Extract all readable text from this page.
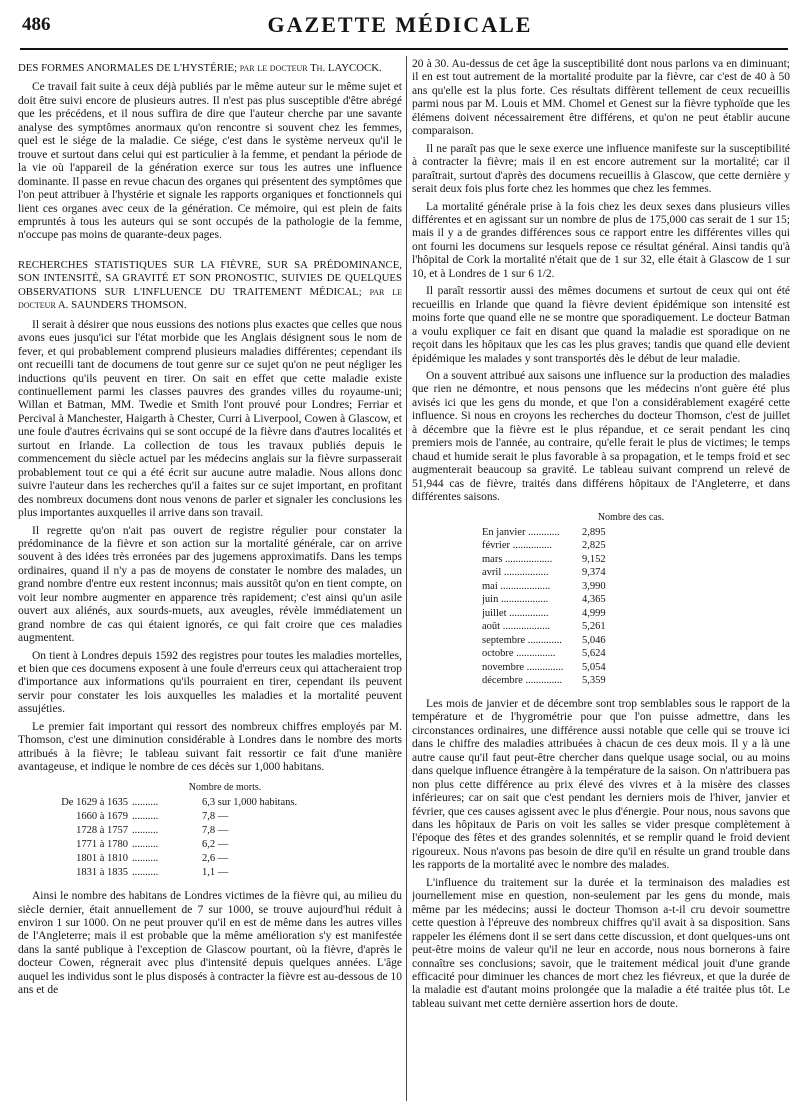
486	GAZETTE MÉDICALE

DES FORMES ANORMALES DE L'HYSTÉRIE; par le docteur Th. LAYCOCK.

Ce travail fait suite à ceux déjà publiés par le même auteur sur le même sujet et doit être suivi encore de plusieurs autres. Il n'est pas plus susceptible d'être abrégé que les précédens, et il nous suffira de dire que l'auteur cherche par une savante analyse des symptômes anormaux qu'on rencontre si souvent chez les femmes, quel est le siége de la maladie. Ce siége, c'est dans le système nerveux qu'il le trouve et surtout dans celui qui est particulier à la femme, et pendant la période de la vie où l'appareil de la génération exerce sur tous les autres une influence dominante. Il passe en revue chacun des organes qui présentent des symptômes que l'on peut attribuer à l'hystérie et signale les rapports organiques et fonctionnels qui lient ces organes avec ceux de la génération. Ce mémoire, qui est plein de faits empruntés à tous les auteurs qui se sont occupés de la pathologie de la femme, n'occupe pas moins de quarante-deux pages.

RECHERCHES STATISTIQUES SUR LA FIÈVRE, SUR SA PRÉDOMINANCE, SON INTENSITÉ, SA GRAVITÉ ET SON PRONOSTIC, SUIVIES DE QUELQUES OBSERVATIONS SUR L'INFLUENCE DU TRAITEMENT MÉDICAL; par le docteur A. SAUNDERS THOMSON.

Il serait à désirer que nous eussions des notions plus exactes que celles que nous avons eues jusqu'ici sur l'état morbide que les Anglais désignent sous le nom de fever, et qui probablement comprend plusieurs maladies différentes; cependant ils ont recueilli tant de documens de tout genre sur ce sujet qu'on ne peut négliger les inductions qu'ils peuvent en tirer. On sait en effet que cette maladie existe continuellement parmi les classes pauvres des grandes villes du royaume-uni; Willan et Batman, MM. Twedie et Smith l'ont prouvé pour Londres; Ferriar et Percival à Manchester, Haigarth à Chester, Curri à Liverpool, Cowen à Glascow, et une foule d'autres écrivains qui se sont occupé de la fièvre dans d'autres localités et surtout en Irlande. La collection de tous les travaux publiés depuis le commencement du siècle actuel par les médecins anglais sur la fièvre surpasserait probablement tout ce qui a été écrit sur aucune autre maladie. Nous allons donc suivre l'auteur dans les recherches qu'il a faites sur ce sujet important, en profitant des nombreux documens dont nous venons de parler et signaler les conclusions les plus importantes auxquelles il arrive dans son travail.

Il regrette qu'on n'ait pas ouvert de registre régulier pour constater la prédominance de la fièvre et son action sur la mortalité générale, car on arrive souvent à des idées très erronées par des jugemens approximatifs. Dans les temps ordinaires, quand il n'y a pas de moyens de constater le nombre des malades, un grand nombre d'entre eux restent inconnus; mais aussitôt qu'on en tient compte, on voit leur nombre augmenter en apparence très rapidement; c'est ainsi qu'un asile ouvert aux aliénés, aux sourds-muets, aux aveugles, révèle immédiatement un grand nombre de cas qui étaient ignorés, ce qui fait croire que ces maladies augmentent.

On tient à Londres depuis 1592 des registres pour toutes les maladies mortelles, et bien que ces documens exposent à une foule d'erreurs ceux qui attacheraient trop d'importance aux informations qu'ils pourraient en tirer, cependant ils peuvent servir pour constater les lois auxquelles les maladies et la mortalité peuvent assujéties.

Le premier fait important qui ressort des nombreux chiffres employés par M. Thomson, c'est une diminution considérable à Londres dans le nombre des morts attribués à la fièvre; le tableau suivant fait ressortir ce fait d'une manière avantageuse, et indique le nombre de ces décès sur 1,000 habitans.

Nombre de morts.
De 1629 à 1635 ..........	6,3 sur 1,000 habitans.
1660 à 1679 ..........	7,8 —
1728 à 1757 ..........	7,8 —
1771 à 1780 ..........	6,2 —
1801 à 1810 ..........	2,6 —
1831 à 1835 ..........	1,1 —

Ainsi le nombre des habitans de Londres victimes de la fièvre qui, au milieu du siècle dernier, était annuellement de 7 sur 1000, se trouve aujourd'hui réduit à environ 1 sur 1000. On ne peut prouver qu'il en est de même dans les autres villes de l'Angleterre; mais il est probable que la même amélioration s'y est manifestée dans la santé publique à l'exception de Glascow pourtant, où la fièvre, d'après le docteur Cowen, régnerait avec plus d'intensité depuis quelques années. L'âge auquel les individus sont le plus disposés à contracter la fièvre est au-dessous de 10 ans et de

20 à 30. Au-dessus de cet âge la susceptibilité dont nous parlons va en diminuant; il en est tout autrement de la mortalité produite par la fièvre, car c'est de 40 à 50 ans qu'elle est la plus forte. Ces résultats diffèrent tellement de ceux recueillis parmi nous par M. Louis et MM. Chomel et Genest sur la fièvre typhoïde que les élémens doivent nécessairement être différens, et qu'on ne peut établir aucune comparaison.

Il ne paraît pas que le sexe exerce une influence manifeste sur la susceptibilité à contracter la fièvre; mais il en est encore autrement sur la mortalité; car il paraîtrait, surtout d'après des documens recueillis à Glascow, que cette dernière y serait deux fois plus forte chez les hommes que chez les femmes.

La mortalité générale prise à la fois chez les deux sexes dans plusieurs villes différentes et en agissant sur un nombre de plus de 175,000 cas serait de 1 sur 15; mais il y a de grandes différences sous ce rapport entre les différentes villes qui ont fourni les documens sur lesquels repose ce résultat général. Ainsi tandis qu'à l'hôpital de Cork la mortalité n'était que de 1 sur 32, elle était à Glascow de 1 sur 10, et à Londres de 1 sur 6 1/2.

Il paraît ressortir aussi des mêmes documens et surtout de ceux qui ont été recueillis en Irlande que quand la fièvre devient épidémique son intensité est moins forte que quand elle ne se montre que sporadiquement. Le docteur Batman a voulu expliquer ce fait en disant que quand la maladie est sporadique on ne reçoit dans les hôpitaux que les cas les plus graves; tandis que quand elle devient épidémique les malades y sont transportés dès le début de leur maladie.

On a souvent attribué aux saisons une influence sur la production des maladies que rien ne démontre, et nous pensons que les médecins n'ont guère été plus avisés ici que les gens du monde, et que l'on a considérablement exagéré cette influence. Si nous en croyons les recherches du docteur Thomson, c'est de juillet à décembre que la fièvre est le plus répandue, et ce serait pendant les cinq premiers mois de l'année, au contraire, qu'elle ferait le plus de victimes; le temps chaud et humide serait le plus favorable à sa propagation, et le temps froid et sec augmenterait beaucoup sa gravité. Le tableau suivant comprend un relevé de 51,944 cas de fièvre, traités dans différens hôpitaux de l'Angleterre, et dans différentes saisons.

Nombre des cas.
En janvier ............	2,895
février ...............	2,825
mars ..................	9,152
avril .................	9,374
mai ...................	3,990
juin ..................	4,365
juillet ...............	4,999
août ..................	5,261
septembre .............	5,046
octobre ...............	5,624
novembre ..............	5,054
décembre ..............	5,359

Les mois de janvier et de décembre sont trop semblables sous le rapport de la température et de l'hygrométrie pour que l'on puisse admettre, dans les circonstances ordinaires, une différence aussi notable que celle qui se trouve ici dans le chiffre des maladies attribuées à chacun de ces deux mois. Il y a là une autre cause qu'il faut peut-être chercher dans quelque usage social, ou au moins dans quelque influence étrangère à la température de la saison. On n'attribuera pas non plus cette différence au prix élevé des vivres et à la misère des classes inférieures; car on sait que c'est pendant les derniers mois de l'hiver, janvier et février, que ces causes agissent avec le plus d'énergie. Pour nous, nous savons que dans les hôpitaux de Paris on voit les salles se vider presque complètement à l'époque des fêtes et des grandes solennités, et se remplir quand le froid devient rigoureux. Nous n'avons pas besoin de dire qu'il en résulte un grand trouble dans les rapports de la mortalité avec le nombre des malades.

L'influence du traitement sur la durée et la terminaison des maladies est journellement mise en question, non-seulement par les gens du monde, mais même par les médecins; aussi le docteur Thomson a-t-il cru devoir soumettre cette question à l'épreuve des nombreux chiffres qu'il avait à sa disposition. Sans rappeler les élémens dont il se sert dans cette discussion, et dont quelques-uns ont peut-être moins de valeur qu'il ne leur en accorde, nous nous bornerons à faire connaître ses conclusions; savoir, que le traitement médical jouit d'une grande efficacité pour diminuer les chances de mort chez les fiévreux, et que la durée de la maladie est d'autant moins prolongée que la maladie a été traitée plus tôt. Le tableau suivant met cette dernière assertion hors de doute.
